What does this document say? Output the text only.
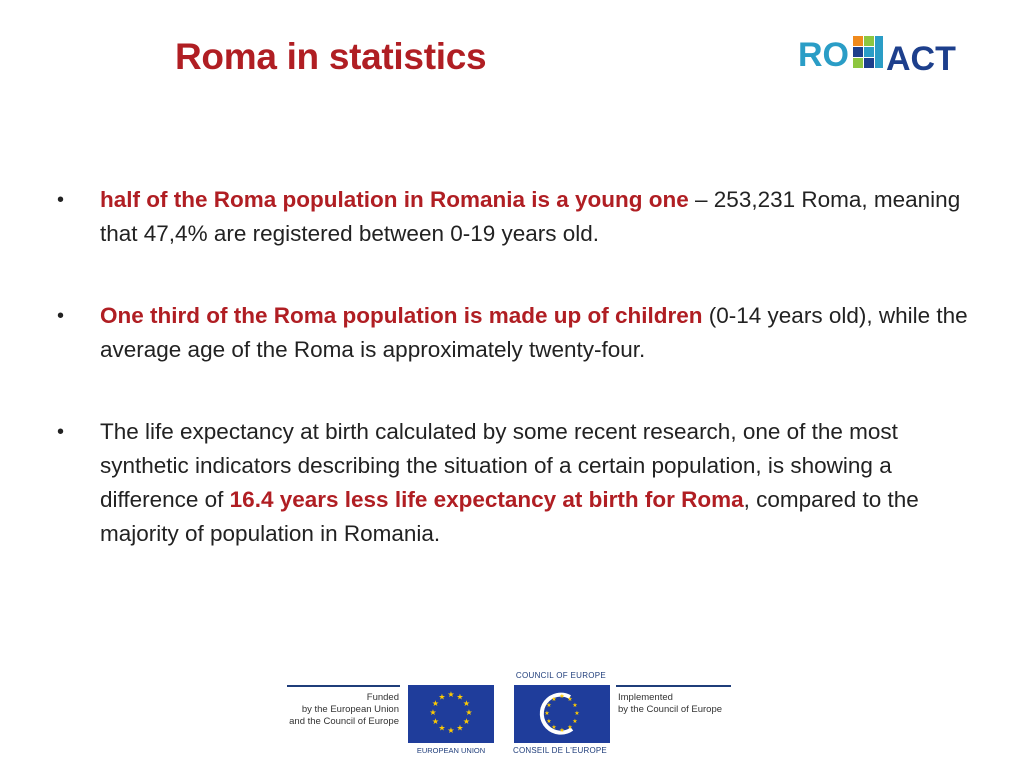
Roma in statistics	RO ACT
•	half of the Roma population in Romania is a young one – 253,231 Roma, meaning that 47,4% are registered between 0-19 years old.
•	One third of the Roma population is made up of children (0-14 years old), while the average age of the Roma is approximately twenty-four.
•	The life expectancy at birth calculated by some recent research, one of the most synthetic indicators describing the situation of a certain population, is showing a difference of 16.4 years less life expectancy at birth for Roma, compared to the majority of population in Romania.
Funded
by the European Union
and the Council of Europe
★ ★
★
★
★
★
★
★
★
★
★
★
EUROPEAN UNION
COUNCIL OF EUROPE
★ ★
★
★
★
★
★
★
★
★
★
★
CONSEIL DE L'EUROPE
Implemented
by the Council of Europe
